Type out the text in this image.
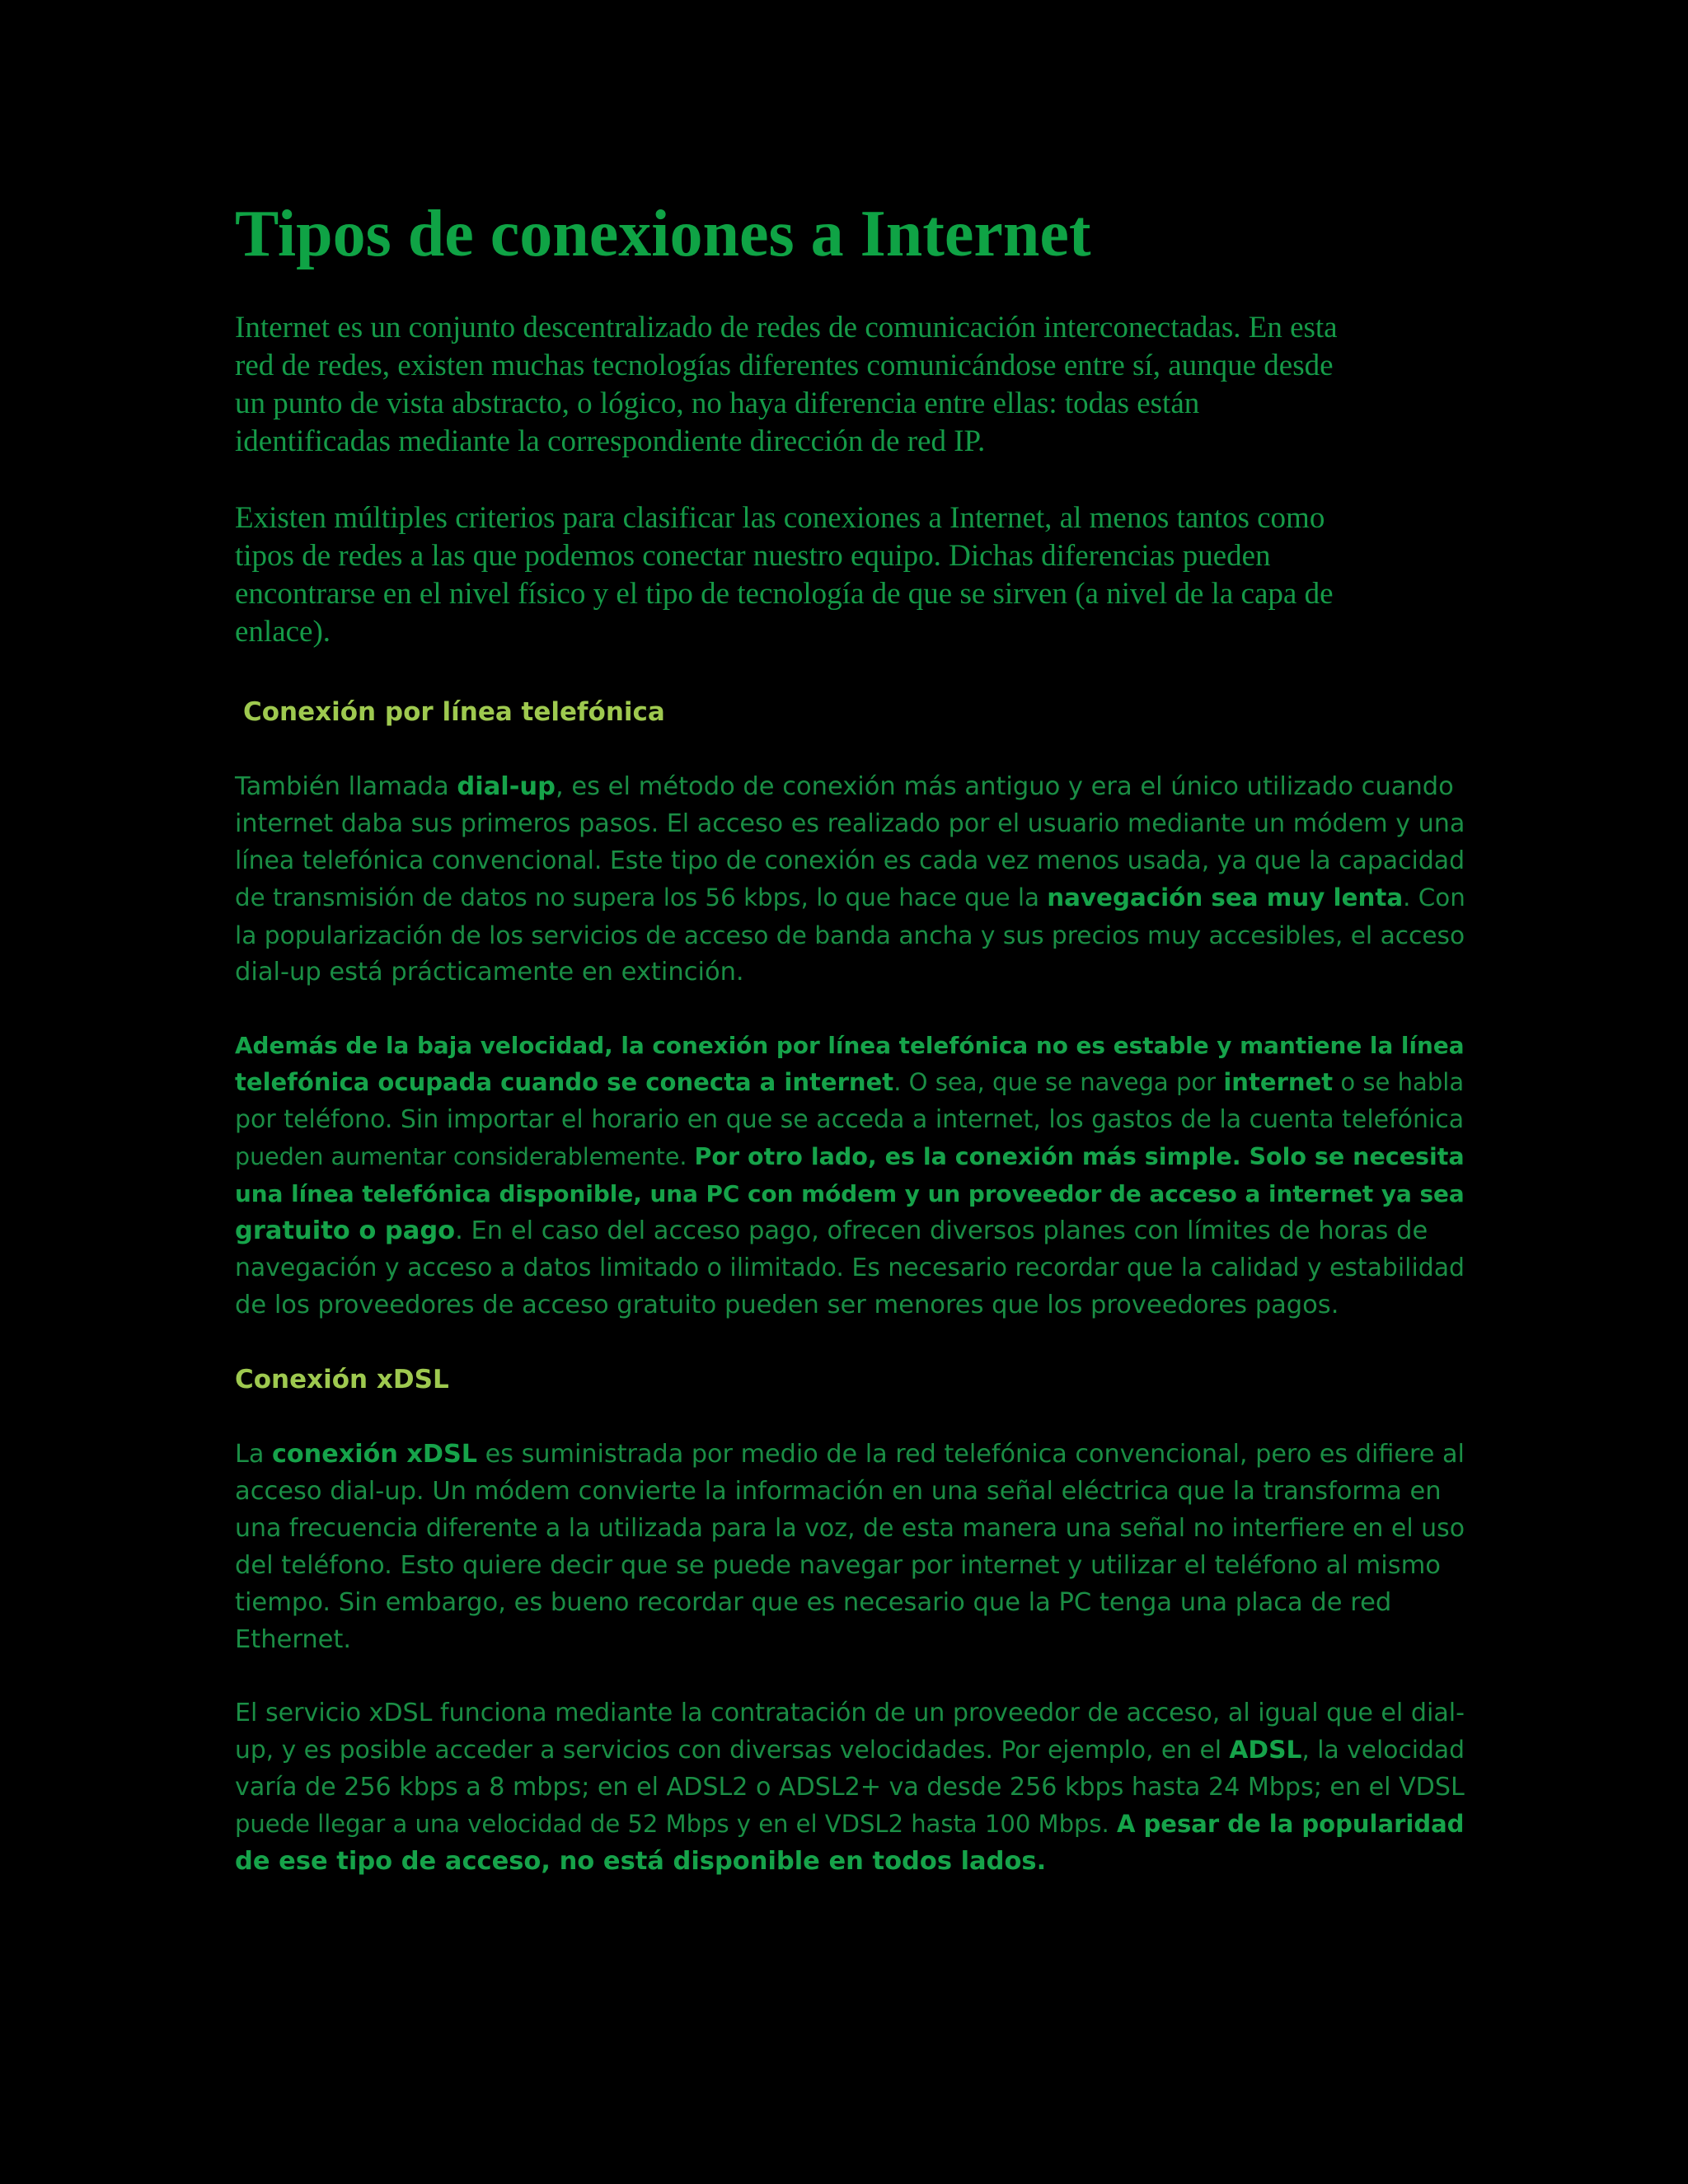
Tipos de conexiones a Internet

Internet es un conjunto descentralizado de redes de comunicación interconectadas. En esta
red de redes, existen muchas tecnologías diferentes comunicándose entre sí, aunque desde
un punto de vista abstracto, o lógico, no haya diferencia entre ellas: todas están
identificadas mediante la correspondiente dirección de red IP.

Existen múltiples criterios para clasificar las conexiones a Internet, al menos tantos como
tipos de redes a las que podemos conectar nuestro equipo. Dichas diferencias pueden
encontrarse en el nivel físico y el tipo de tecnología de que se sirven (a nivel de la capa de
enlace).

Conexión por línea telefónica

También llamada dial-up, es el método de conexión más antiguo y era el único utilizado cuando
internet daba sus primeros pasos. El acceso es realizado por el usuario mediante un módem y una
línea telefónica convencional. Este tipo de conexión es cada vez menos usada, ya que la capacidad
de transmisión de datos no supera los 56 kbps, lo que hace que la navegación sea muy lenta. Con
la popularización de los servicios de acceso de banda ancha y sus precios muy accesibles, el acceso
dial-up está prácticamente en extinción.

Además de la baja velocidad, la conexión por línea telefónica no es estable y mantiene la línea
telefónica ocupada cuando se conecta a internet. O sea, que se navega por internet o se habla
por teléfono. Sin importar el horario en que se acceda a internet, los gastos de la cuenta telefónica
pueden aumentar considerablemente. Por otro lado, es la conexión más simple. Solo se necesita
una línea telefónica disponible, una PC con módem y un proveedor de acceso a internet ya sea
gratuito o pago. En el caso del acceso pago, ofrecen diversos planes con límites de horas de
navegación y acceso a datos limitado o ilimitado. Es necesario recordar que la calidad y estabilidad
de los proveedores de acceso gratuito pueden ser menores que los proveedores pagos.

Conexión xDSL

La conexión xDSL es suministrada por medio de la red telefónica convencional, pero es difiere al
acceso dial-up. Un módem convierte la información en una señal eléctrica que la transforma en
una frecuencia diferente a la utilizada para la voz, de esta manera una señal no interfiere en el uso
del teléfono. Esto quiere decir que se puede navegar por internet y utilizar el teléfono al mismo
tiempo. Sin embargo, es bueno recordar que es necesario que la PC tenga una placa de red
Ethernet.

El servicio xDSL funciona mediante la contratación de un proveedor de acceso, al igual que el dial-
up, y es posible acceder a servicios con diversas velocidades. Por ejemplo, en el ADSL, la velocidad
varía de 256 kbps a 8 mbps; en el ADSL2 o ADSL2+ va desde 256 kbps hasta 24 Mbps; en el VDSL
puede llegar a una velocidad de 52 Mbps y en el VDSL2 hasta 100 Mbps. A pesar de la popularidad
de ese tipo de acceso, no está disponible en todos lados.
